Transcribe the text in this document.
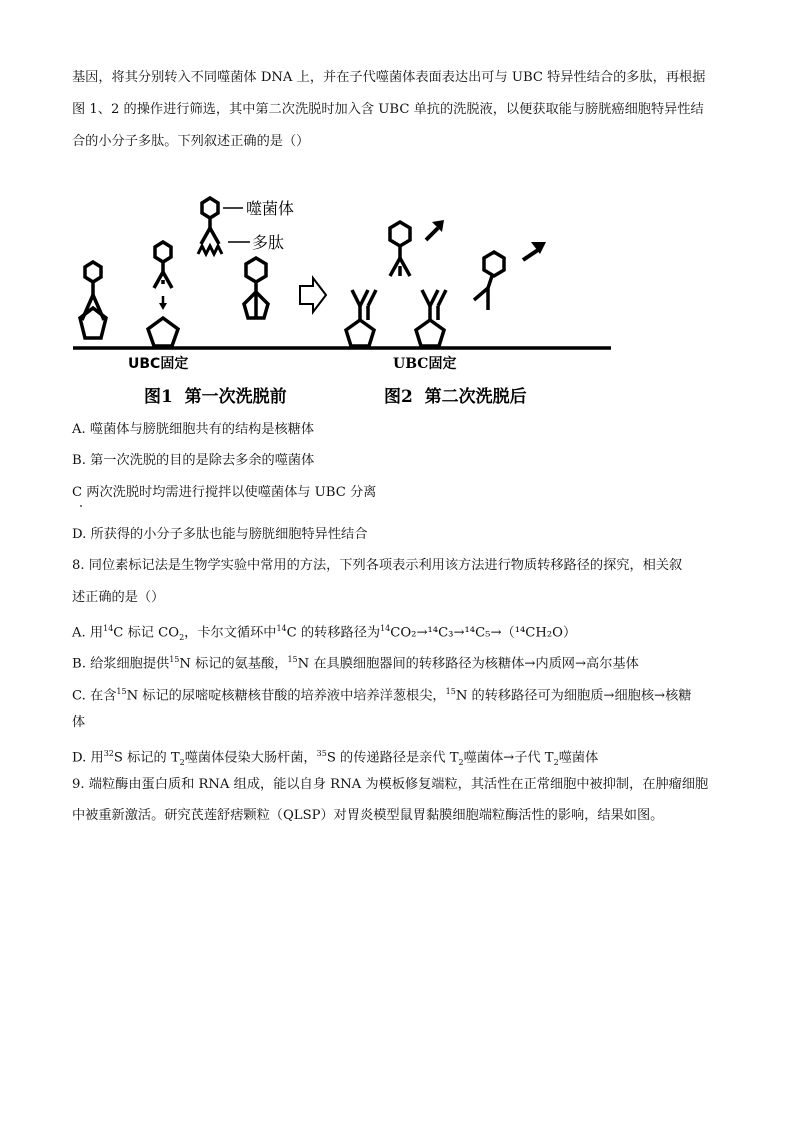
基因，将其分别转入不同噬菌体 DNA 上，并在子代噬菌体表面表达出可与 UBC 特异性结合的多肽，再根据
图 1、2 的操作进行筛选，其中第二次洗脱时加入含 UBC 单抗的洗脱液，以便获取能与膀胱癌细胞特异性结
合的小分子多肽。下列叙述正确的是（）
噬菌体
多肽
UBC固定	UBC固定
图1  第一次洗脱前	图2  第二次洗脱后
A. 噬菌体与膀胱细胞共有的结构是核糖体
B. 第一次洗脱的目的是除去多余的噬菌体
C 两次洗脱时均需进行搅拌以使噬菌体与 UBC 分离
D. 所获得的小分子多肽也能与膀胱细胞特异性结合
8. 同位素标记法是生物学实验中常用的方法，下列各项表示利用该方法进行物质转移路径的探究，相关叙
述正确的是（）
A. 用$^{14}$C 标记 $CO_2$，卡尔文循环中$^{14}$C 的转移路径为$^{14}$CO₂→¹⁴C₃→¹⁴C₅→（¹⁴CH₂O）
B. 给浆细胞提供$^{15}$N 标记的氨基酸，$^{15}$N 在具膜细胞器间的转移路径为核糖体→内质网→高尔基体
C. 在含$^{15}$N 标记的尿嘧啶核糖核苷酸的培养液中培养洋葱根尖，$^{15}$N 的转移路径可为细胞质→细胞核→核糖
体
D. 用$^{32}$S 标记的 $T_2$噬菌体侵染大肠杆菌，$^{35}$S 的传递路径是亲代 $T_2$噬菌体→子代 $T_2$噬菌体
9. 端粒酶由蛋白质和 RNA 组成，能以自身 RNA 为模板修复端粒，其活性在正常细胞中被抑制，在肿瘤细胞
中被重新激活。研究芪莲舒痞颗粒（QLSP）对胃炎模型鼠胃黏膜细胞端粒酶活性的影响，结果如图。
